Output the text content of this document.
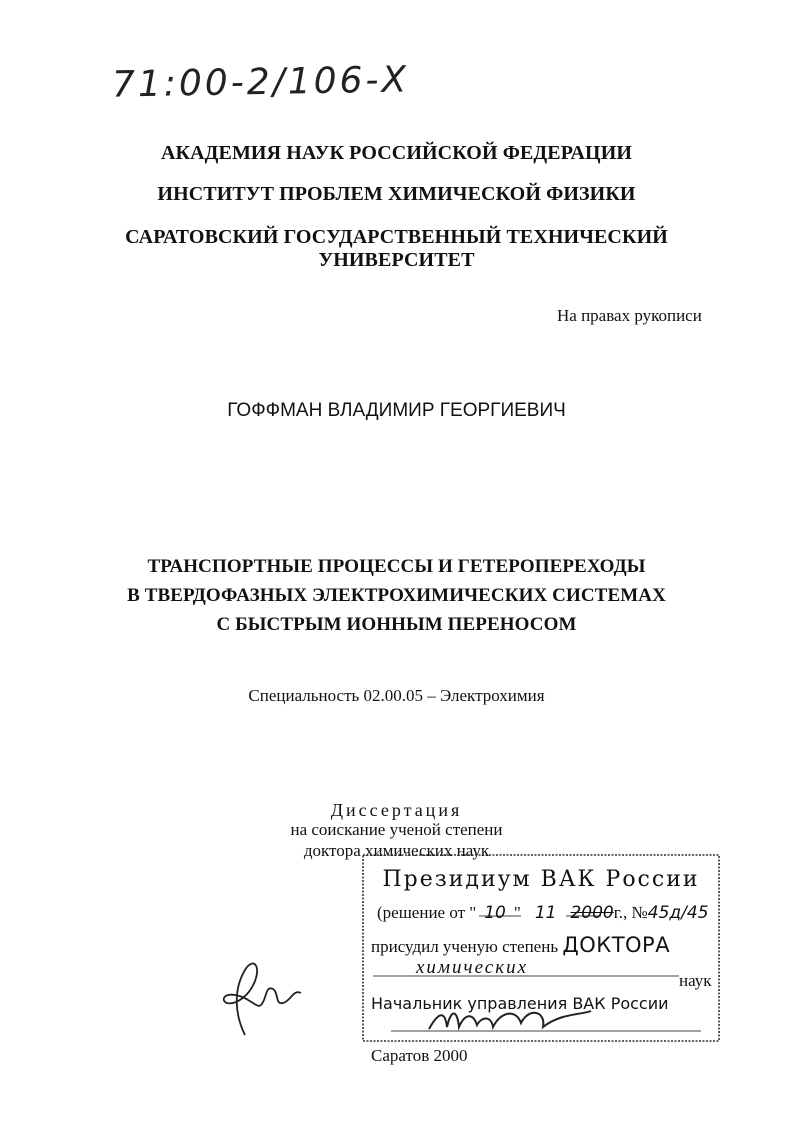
71:00-2/106-Х
АКАДЕМИЯ НАУК РОССИЙСКОЙ ФЕДЕРАЦИИ
ИНСТИТУТ ПРОБЛЕМ ХИМИЧЕСКОЙ ФИЗИКИ
САРАТОВСКИЙ ГОСУДАРСТВЕННЫЙ ТЕХНИЧЕСКИЙ
УНИВЕРСИТЕТ
На правах рукописи
ГОФФМАН ВЛАДИМИР ГЕОРГИЕВИЧ
ТРАНСПОРТНЫЕ ПРОЦЕССЫ И ГЕТЕРОПЕРЕХОДЫ
В ТВЕРДОФАЗНЫХ ЭЛЕКТРОХИМИЧЕСКИХ СИСТЕМАХ
С БЫСТРЫМ ИОННЫМ ПЕРЕНОСОМ
Специальность 02.00.05 – Электрохимия
Диссертация
на соискание ученой степени
доктора химических наук
Президиум ВАК России
(решение от " 10 " 11 2000г., №45д/45
присудил ученую степень ДОКТОРА
химических
наук
Начальник управления ВАК России
Саратов 2000
